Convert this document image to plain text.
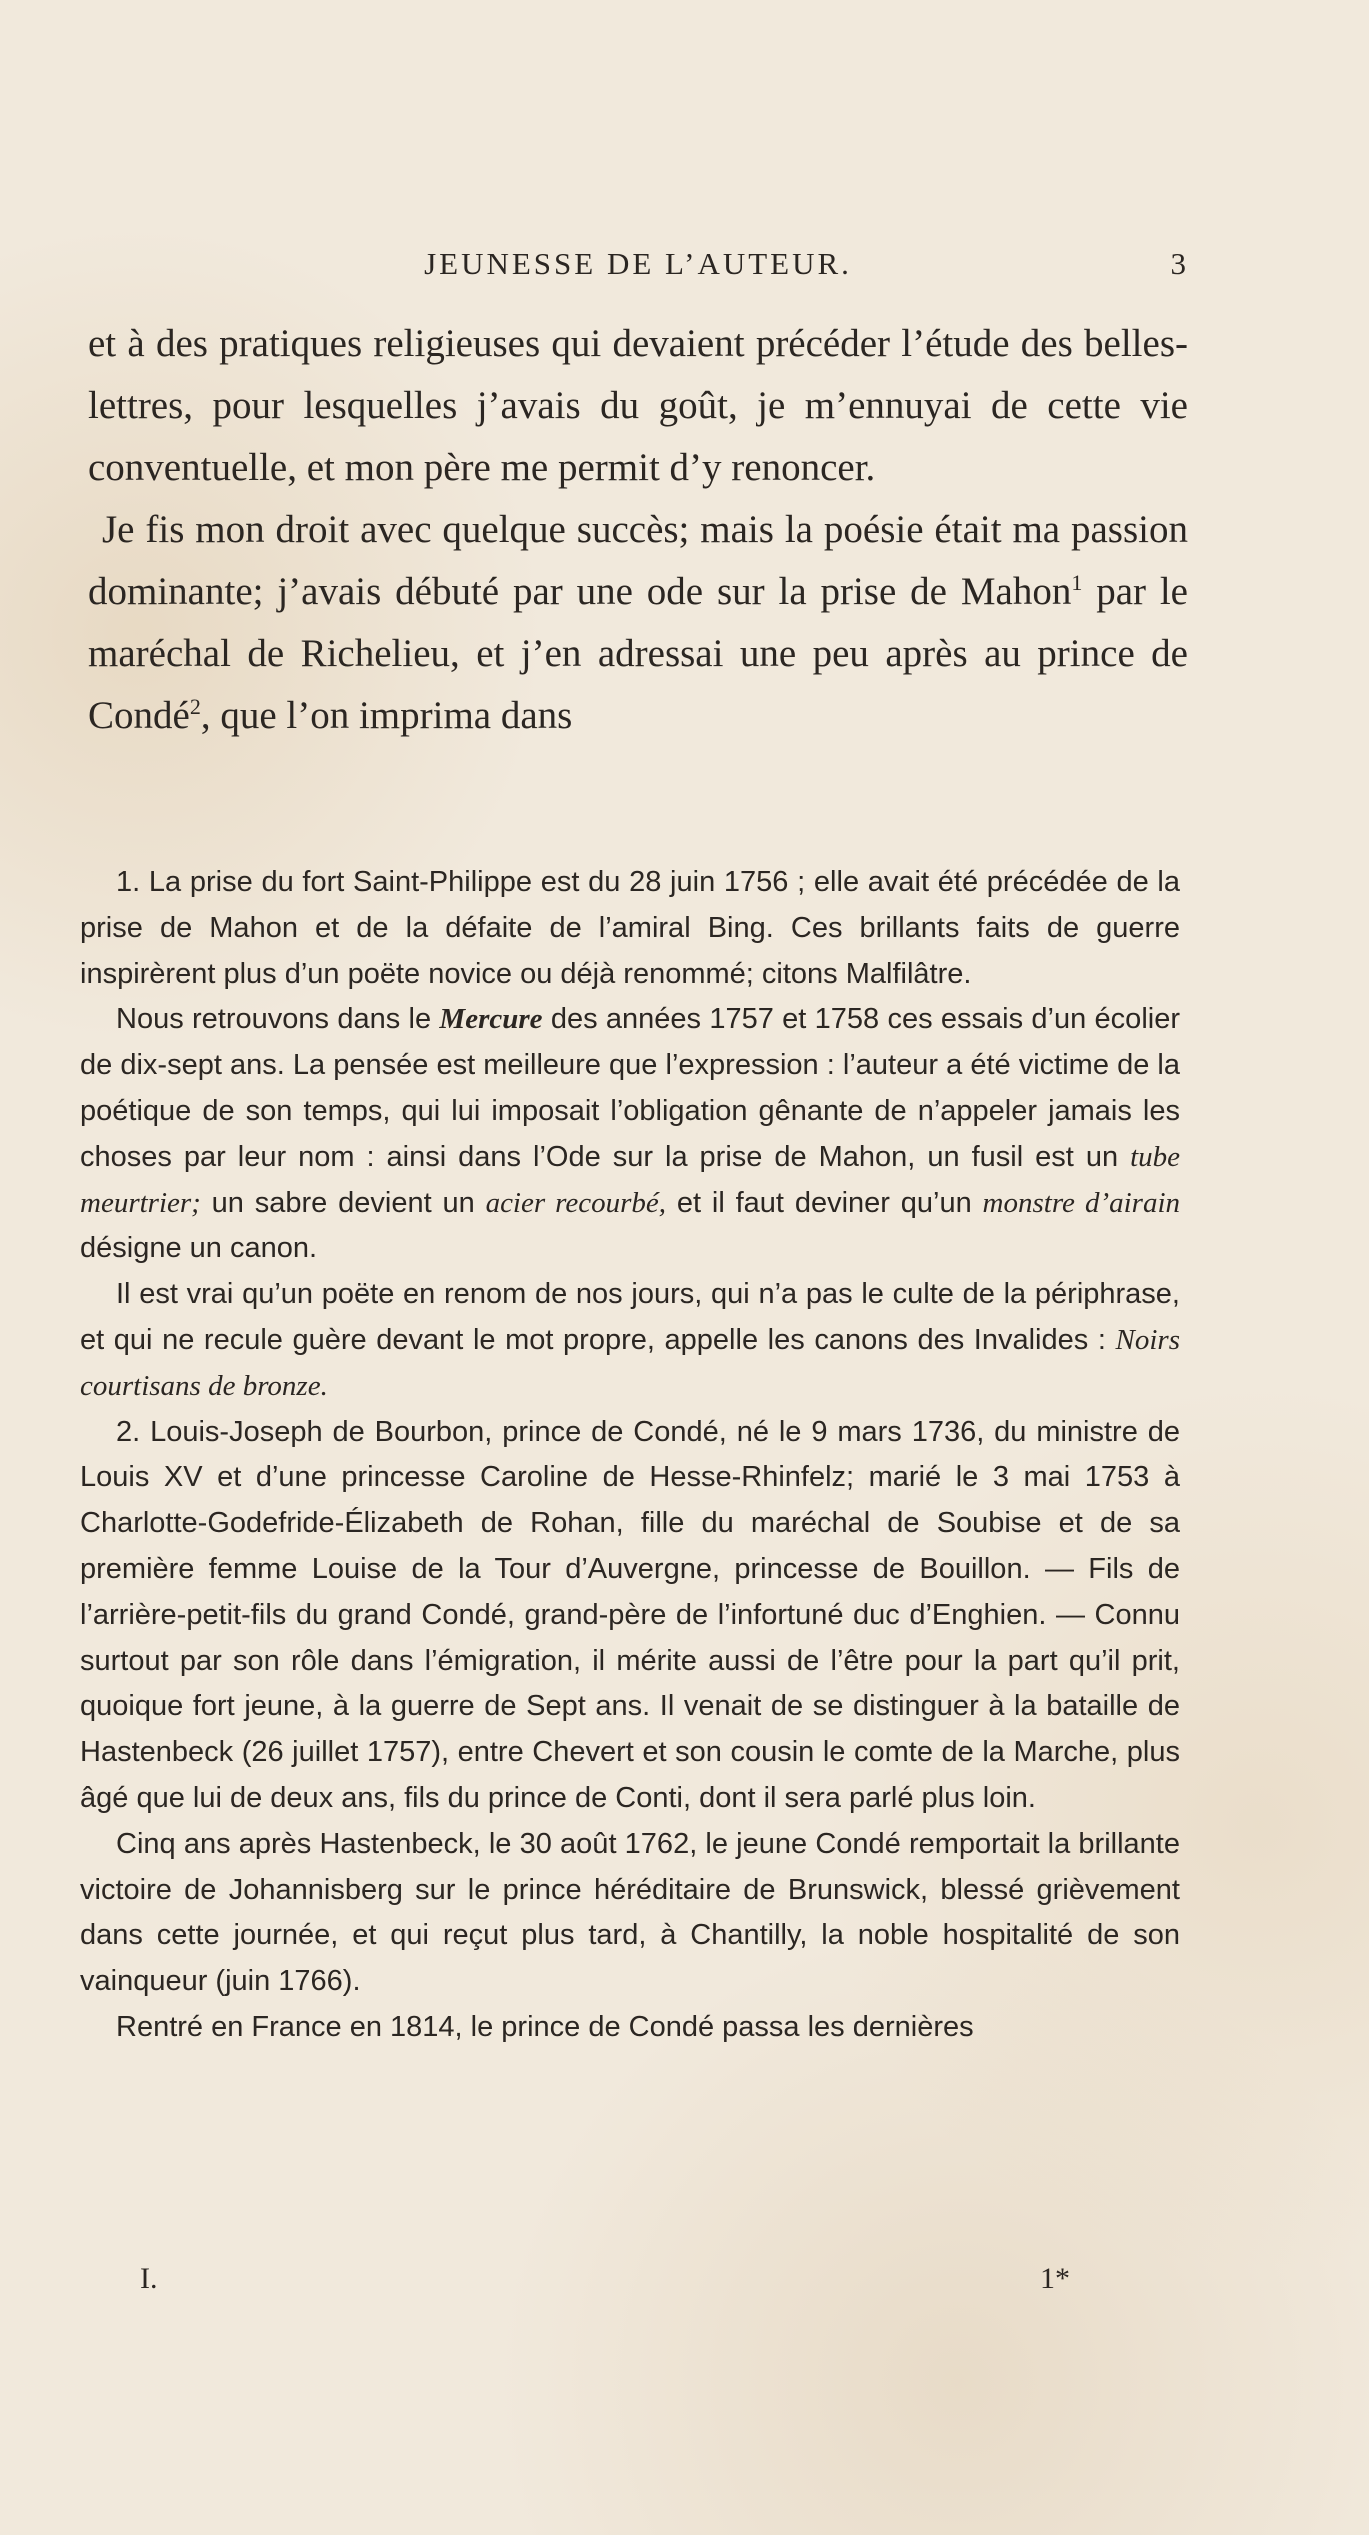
JEUNESSE DE L’AUTEUR.	3

et à des pratiques religieuses qui devaient précéder l’étude des belles-lettres, pour lesquelles j’avais du goût, je m’ennuyai de cette vie conventuelle, et mon père me permit d’y renoncer.

Je fis mon droit avec quelque succès; mais la poésie était ma passion dominante; j’avais débuté par une ode sur la prise de Mahon$^1$ par le maréchal de Richelieu, et j’en adressai une peu après au prince de Condé$^2$, que l’on imprima dans

1. La prise du fort Saint-Philippe est du 28 juin 1756 ; elle avait été précédée de la prise de Mahon et de la défaite de l’amiral Bing. Ces brillants faits de guerre inspirèrent plus d’un poëte novice ou déjà renommé; citons Malfilâtre.

Nous retrouvons dans le Mercure des années 1757 et 1758 ces essais d’un écolier de dix-sept ans. La pensée est meilleure que l’expression : l’auteur a été victime de la poétique de son temps, qui lui imposait l’obligation gênante de n’appeler jamais les choses par leur nom : ainsi dans l’Ode sur la prise de Mahon, un fusil est un tube meurtrier; un sabre devient un acier recourbé, et il faut deviner qu’un monstre d’airain désigne un canon.

Il est vrai qu’un poëte en renom de nos jours, qui n’a pas le culte de la périphrase, et qui ne recule guère devant le mot propre, appelle les canons des Invalides : Noirs courtisans de bronze.

2. Louis-Joseph de Bourbon, prince de Condé, né le 9 mars 1736, du ministre de Louis XV et d’une princesse Caroline de Hesse-Rhinfelz; marié le 3 mai 1753 à Charlotte-Godefride-Élizabeth de Rohan, fille du maréchal de Soubise et de sa première femme Louise de la Tour d’Auvergne, princesse de Bouillon. — Fils de l’arrière-petit-fils du grand Condé, grand-père de l’infortuné duc d’Enghien. — Connu surtout par son rôle dans l’émigration, il mérite aussi de l’être pour la part qu’il prit, quoique fort jeune, à la guerre de Sept ans. Il venait de se distinguer à la bataille de Hastenbeck (26 juillet 1757), entre Chevert et son cousin le comte de la Marche, plus âgé que lui de deux ans, fils du prince de Conti, dont il sera parlé plus loin.

Cinq ans après Hastenbeck, le 30 août 1762, le jeune Condé remportait la brillante victoire de Johannisberg sur le prince héréditaire de Brunswick, blessé grièvement dans cette journée, et qui reçut plus tard, à Chantilly, la noble hospitalité de son vainqueur (juin 1766).

Rentré en France en 1814, le prince de Condé passa les dernières

I.	1*
